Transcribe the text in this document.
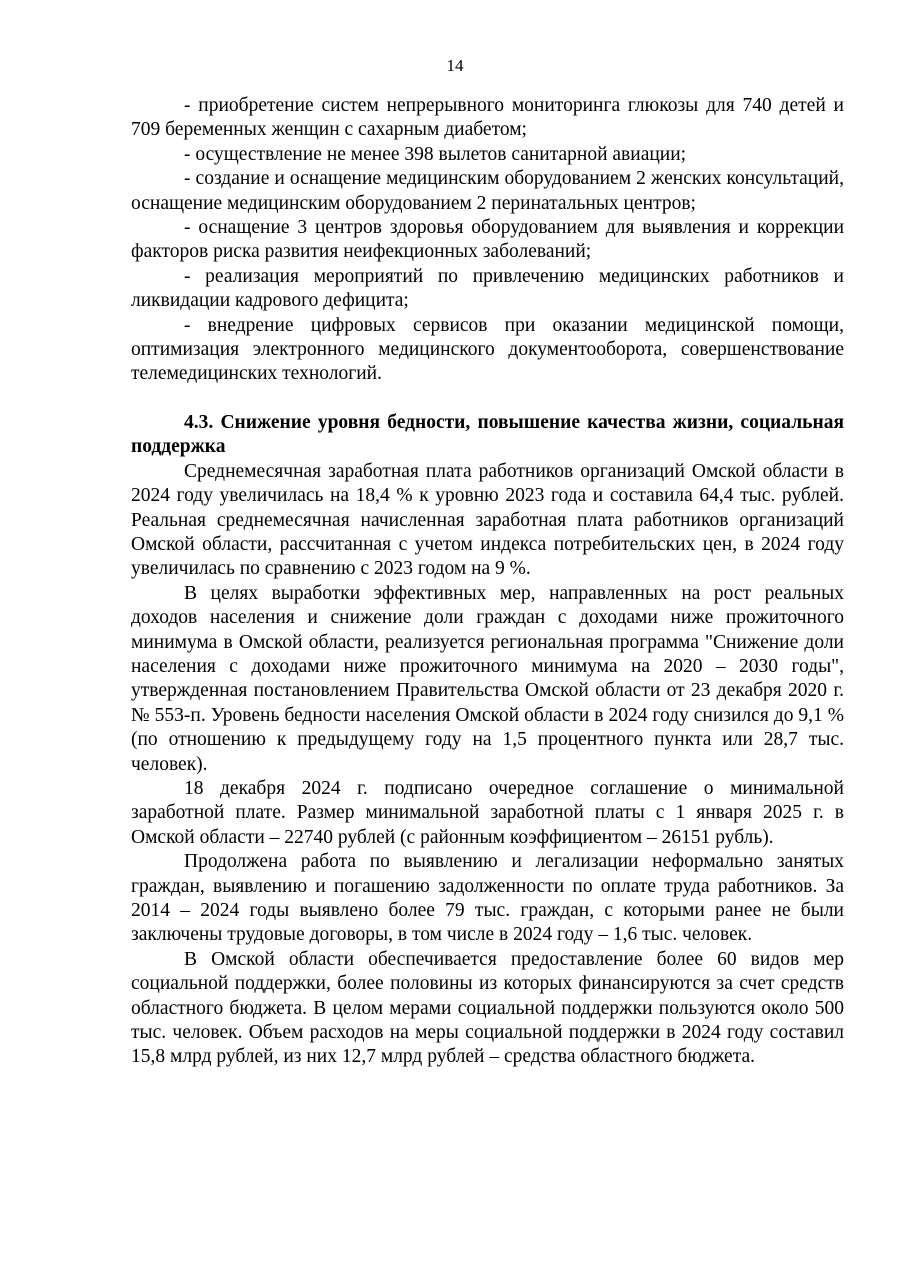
14

- приобретение систем непрерывного мониторинга глюкозы для 740 детей и 709 беременных женщин с сахарным диабетом;

- осуществление не менее 398 вылетов санитарной авиации;

- создание и оснащение медицинским оборудованием 2 женских консультаций, оснащение медицинским оборудованием 2 перинатальных центров;

- оснащение 3 центров здоровья оборудованием для выявления и коррекции факторов риска развития неифекционных заболеваний;

- реализация мероприятий по привлечению медицинских работников и ликвидации кадрового дефицита;

- внедрение цифровых сервисов при оказании медицинской помощи, оптимизация электронного медицинского документооборота, совершенствование телемедицинских технологий.

4.3. Снижение уровня бедности, повышение качества жизни, социальная поддержка

Среднемесячная заработная плата работников организаций Омской области в 2024 году увеличилась на 18,4 % к уровню 2023 года и составила 64,4 тыс. рублей. Реальная среднемесячная начисленная заработная плата работников организаций Омской области, рассчитанная с учетом индекса потребительских цен, в 2024 году увеличилась по сравнению с 2023 годом на 9 %.

В целях выработки эффективных мер, направленных на рост реальных доходов населения и снижение доли граждан с доходами ниже прожиточного минимума в Омской области, реализуется региональная программа "Снижение доли населения с доходами ниже прожиточного минимума на 2020 – 2030 годы", утвержденная постановлением Правительства Омской области от 23 декабря 2020 г. № 553-п. Уровень бедности населения Омской области в 2024 году снизился до 9,1 % (по отношению к предыдущему году на 1,5 процентного пункта или 28,7 тыс. человек).

18 декабря 2024 г. подписано очередное соглашение о минимальной заработной плате. Размер минимальной заработной платы с 1 января 2025 г. в Омской области – 22740 рублей (с районным коэффициентом – 26151 рубль).

Продолжена работа по выявлению и легализации неформально занятых граждан, выявлению и погашению задолженности по оплате труда работников. За 2014 – 2024 годы выявлено более 79 тыс. граждан, с которыми ранее не были заключены трудовые договоры, в том числе в 2024 году – 1,6 тыс. человек.

В Омской области обеспечивается предоставление более 60 видов мер социальной поддержки, более половины из которых финансируются за счет средств областного бюджета. В целом мерами социальной поддержки пользуются около 500 тыс. человек. Объем расходов на меры социальной поддержки в 2024 году составил 15,8 млрд рублей, из них 12,7 млрд рублей – средства областного бюджета.
